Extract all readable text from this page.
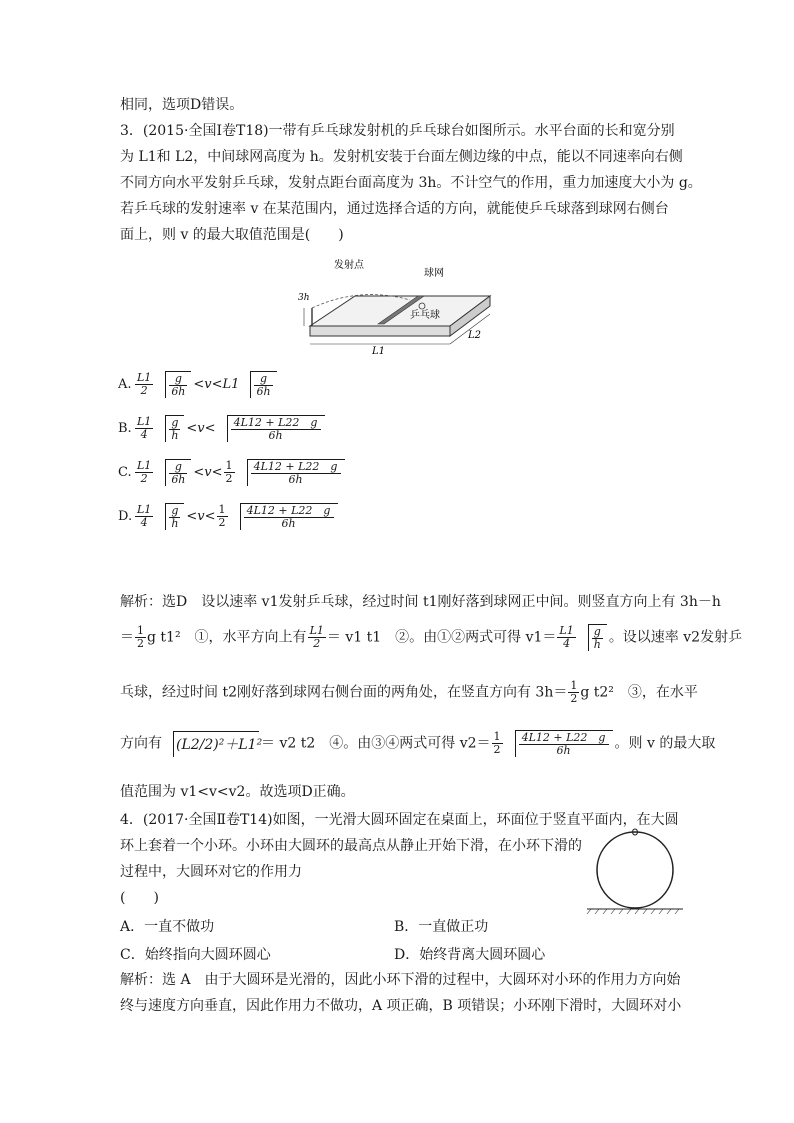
相同，选项D错误。
3．(2015·全国Ⅰ卷T18)一带有乒乓球发射机的乒乓球台如图所示。水平台面的长和宽分别
为 L1和 L2，中间球网高度为 h。发射机安装于台面左侧边缘的中点，能以不同速率向右侧
不同方向水平发射乒乓球，发射点距台面高度为 3h。不计空气的作用，重力加速度大小为 g。
若乒乓球的发射速率 v 在某范围内，通过选择合适的方向，就能使乒乓球落到球网右侧台
面上，则 v 的最大取值范围是(　　)
发射点
球网
乒乓球
3h
L1
L2
A. $\frac{L1}{2} \frac{g}{6h} <v< L1 \frac{g}{6h}$
B. $\frac{L1}{4} \frac{g}{h} <v< \frac{4L12 + L22 g}{6h}$
C. $\frac{L1}{2} \frac{g}{6h} <v< \frac{1}{2} \frac{4L12 + L22 g}{6h}$
D. $\frac{L1}{4} \frac{g}{h} <v< \frac{1}{2} \frac{4L12 + L22 g}{6h}$
解析：选D　设以速率 v1发射乒乓球，经过时间 t1刚好落到球网正中间。则竖直方向上有 3h－h
＝ $\frac{1}{2}$ g t1²　①，水平方向上有 $\frac{L1}{2} = v1$ t1　②。由①②两式可得 $v1= \frac{L1}{4} \frac{g}{h}$ 。设以速率 v2发射乒
乓球，经过时间 t2刚好落到球网右侧台面的两角处，在竖直方向有 $3h= \frac{1}{2}$ g t2²　③，在水平
方向有 (L2/2)²＋L1²＝ v2 t2　④。由③④两式可得 $v2= \frac{1}{2} \frac{4L12 + L22 g}{6h}$ 。则 v 的最大取
值范围为 v1<v<v2。故选项D正确。
4．(2017·全国Ⅱ卷T14)如图，一光滑大圆环固定在桌面上，环面位于竖直平面内，在大圆
环上套着一个小环。小环由大圆环的最高点从静止开始下滑，在小环下滑的
过程中，大圆环对它的作用力
(　　)
A．一直不做功	B．一直做正功
C．始终指向大圆环圆心	D．始终背离大圆环圆心
解析：选 A　由于大圆环是光滑的，因此小环下滑的过程中，大圆环对小环的作用力方向始
终与速度方向垂直，因此作用力不做功，A 项正确，B 项错误；小环刚下滑时，大圆环对小
